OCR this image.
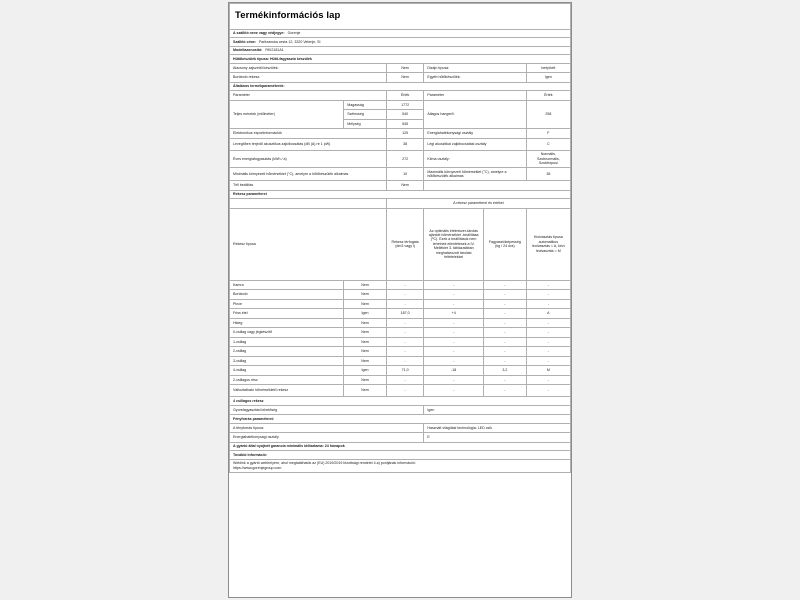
Termékinformációs lap					
A szállító neve vagy védjegye: Gorenje					
Szállító címe: Partizanska cesta 12, 3320 Velenje, SI					
Modellazonosító: RKI2181A1					
Hűtőkészülék típusa: Hűtő-fagyasztó készülék					
Alacsony zajszintű készülék:		Nem	Dizájn típusa:		beépített
Bortároló rekesz:		Nem	Egyéb hűtőkészülék:		Igen
Általános termékparaméterek:					
Paraméter		Érték	Paraméter		Érték
Teljes méretek (milliméter)	Magasság	1772	Átlagos hangerő:		258
	Szélesség	540			
	Mélység	545			
Elektronikus exportinformációk		125	Energiahatékonysági osztály		F
Levegőben terjedő akusztikus zajkibocsátás (dB (A) re 1 pW)		38	Légi akusztikai zajkibocsátási osztály		C
Éves energiafogyasztás (kWh / a)		272	Klíma osztály:		Normális, Szubnormális, Szubtrópusi
Minimális környezeti hőmérséklet (°C), amelyre a hűtőkészülék alkalmas		10	Maximális környezeti hőmérséklet (°C), amelyre a hűtőkészülék alkalmas		38
Téli beállítás		Nem			
Rekesz paraméterei					
		A rekesz paraméterei és értékei			
Rekesz típusa		Rekesz térfogata (dm3 vagy l)	Az optimális élelmiszer-tárolás ajánlott hőmérséklet -beállítása (ºC). Ezek a beállítások nem lehetnek ellentétesek a IV. Melléklet 3. táblázatában meghatározott tárolási feltételekkel	Fagyasztóképesség (kg / 24 óra)	Kiolvasztás típusa automatikus leolvasztás = A, kézi leolvasztás = M
Kamra	Nem	-	-	-	-
Bortároló	Nem	-	-	-	-
Pince	Nem	-	-	-	-
Friss étel	Igen	187,0	+4	-	A
Hideg	Nem	-	-	-	-
0-csillag vagy jégkészítő	Nem	-	-	-	-
1-csillag	Nem	-	-	-	-
2-csillag	Nem	-	-	-	-
3-csillag	Nem	-	-	-	-
4-csillag	Igen	71,0	-18	3,2	M
2-csillagos rész	Nem	-	-	-	-
Változtatható hőmérsékletű rekesz	Nem	-	-	-	-
4 csillagos rekesz					
Gyorsfagyasztási lehetőség			Igen		
Fényforrás paraméterei:					
A fényforrás típusa:			Használt világítási technológia: LED csík		
Energiahatékonysági osztály			E		
A gyártó által nyújtott garancia minimális időtartama: 24 hónapok					
További információ:					

Weblink a gyártó webhelyére, ahol megtalálhatók az (EU) 2019/2019 bizottsági rendelet 4.a) pontjának információi:
https://www.gorenjegroup.com					
